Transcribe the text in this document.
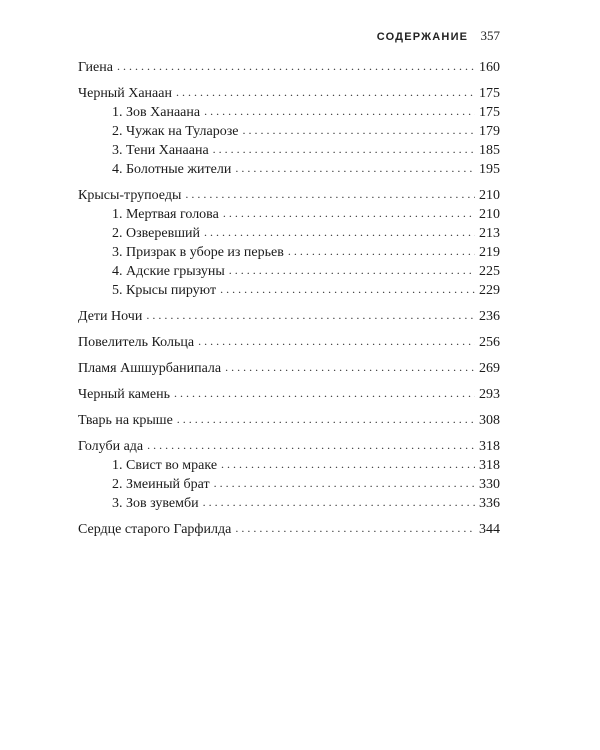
СОДЕРЖАНИЕ 357
Гиена . . .	160
Черный Ханаан . . .	175
1. Зов Ханаана . . .	175
2. Чужак на Туларозе . . .	179
3. Тени Ханаана . . .	185
4. Болотные жители . . .	195
Крысы-трупоеды . . .	210
1. Мертвая голова . . .	210
2. Озверевший . . .	213
3. Призрак в уборе из перьев . . .	219
4. Адские грызуны . . .	225
5. Крысы пируют . . .	229
Дети Ночи . . .	236
Повелитель Кольца . . .	256
Пламя Ашшурбанипала . . .	269
Черный камень . . .	293
Тварь на крыше . . .	308
Голуби ада . . .	318
1. Свист во мраке . . .	318
2. Змеиный брат . . .	330
3. Зов зувемби . . .	336
Сердце старого Гарфилда . . .	344
